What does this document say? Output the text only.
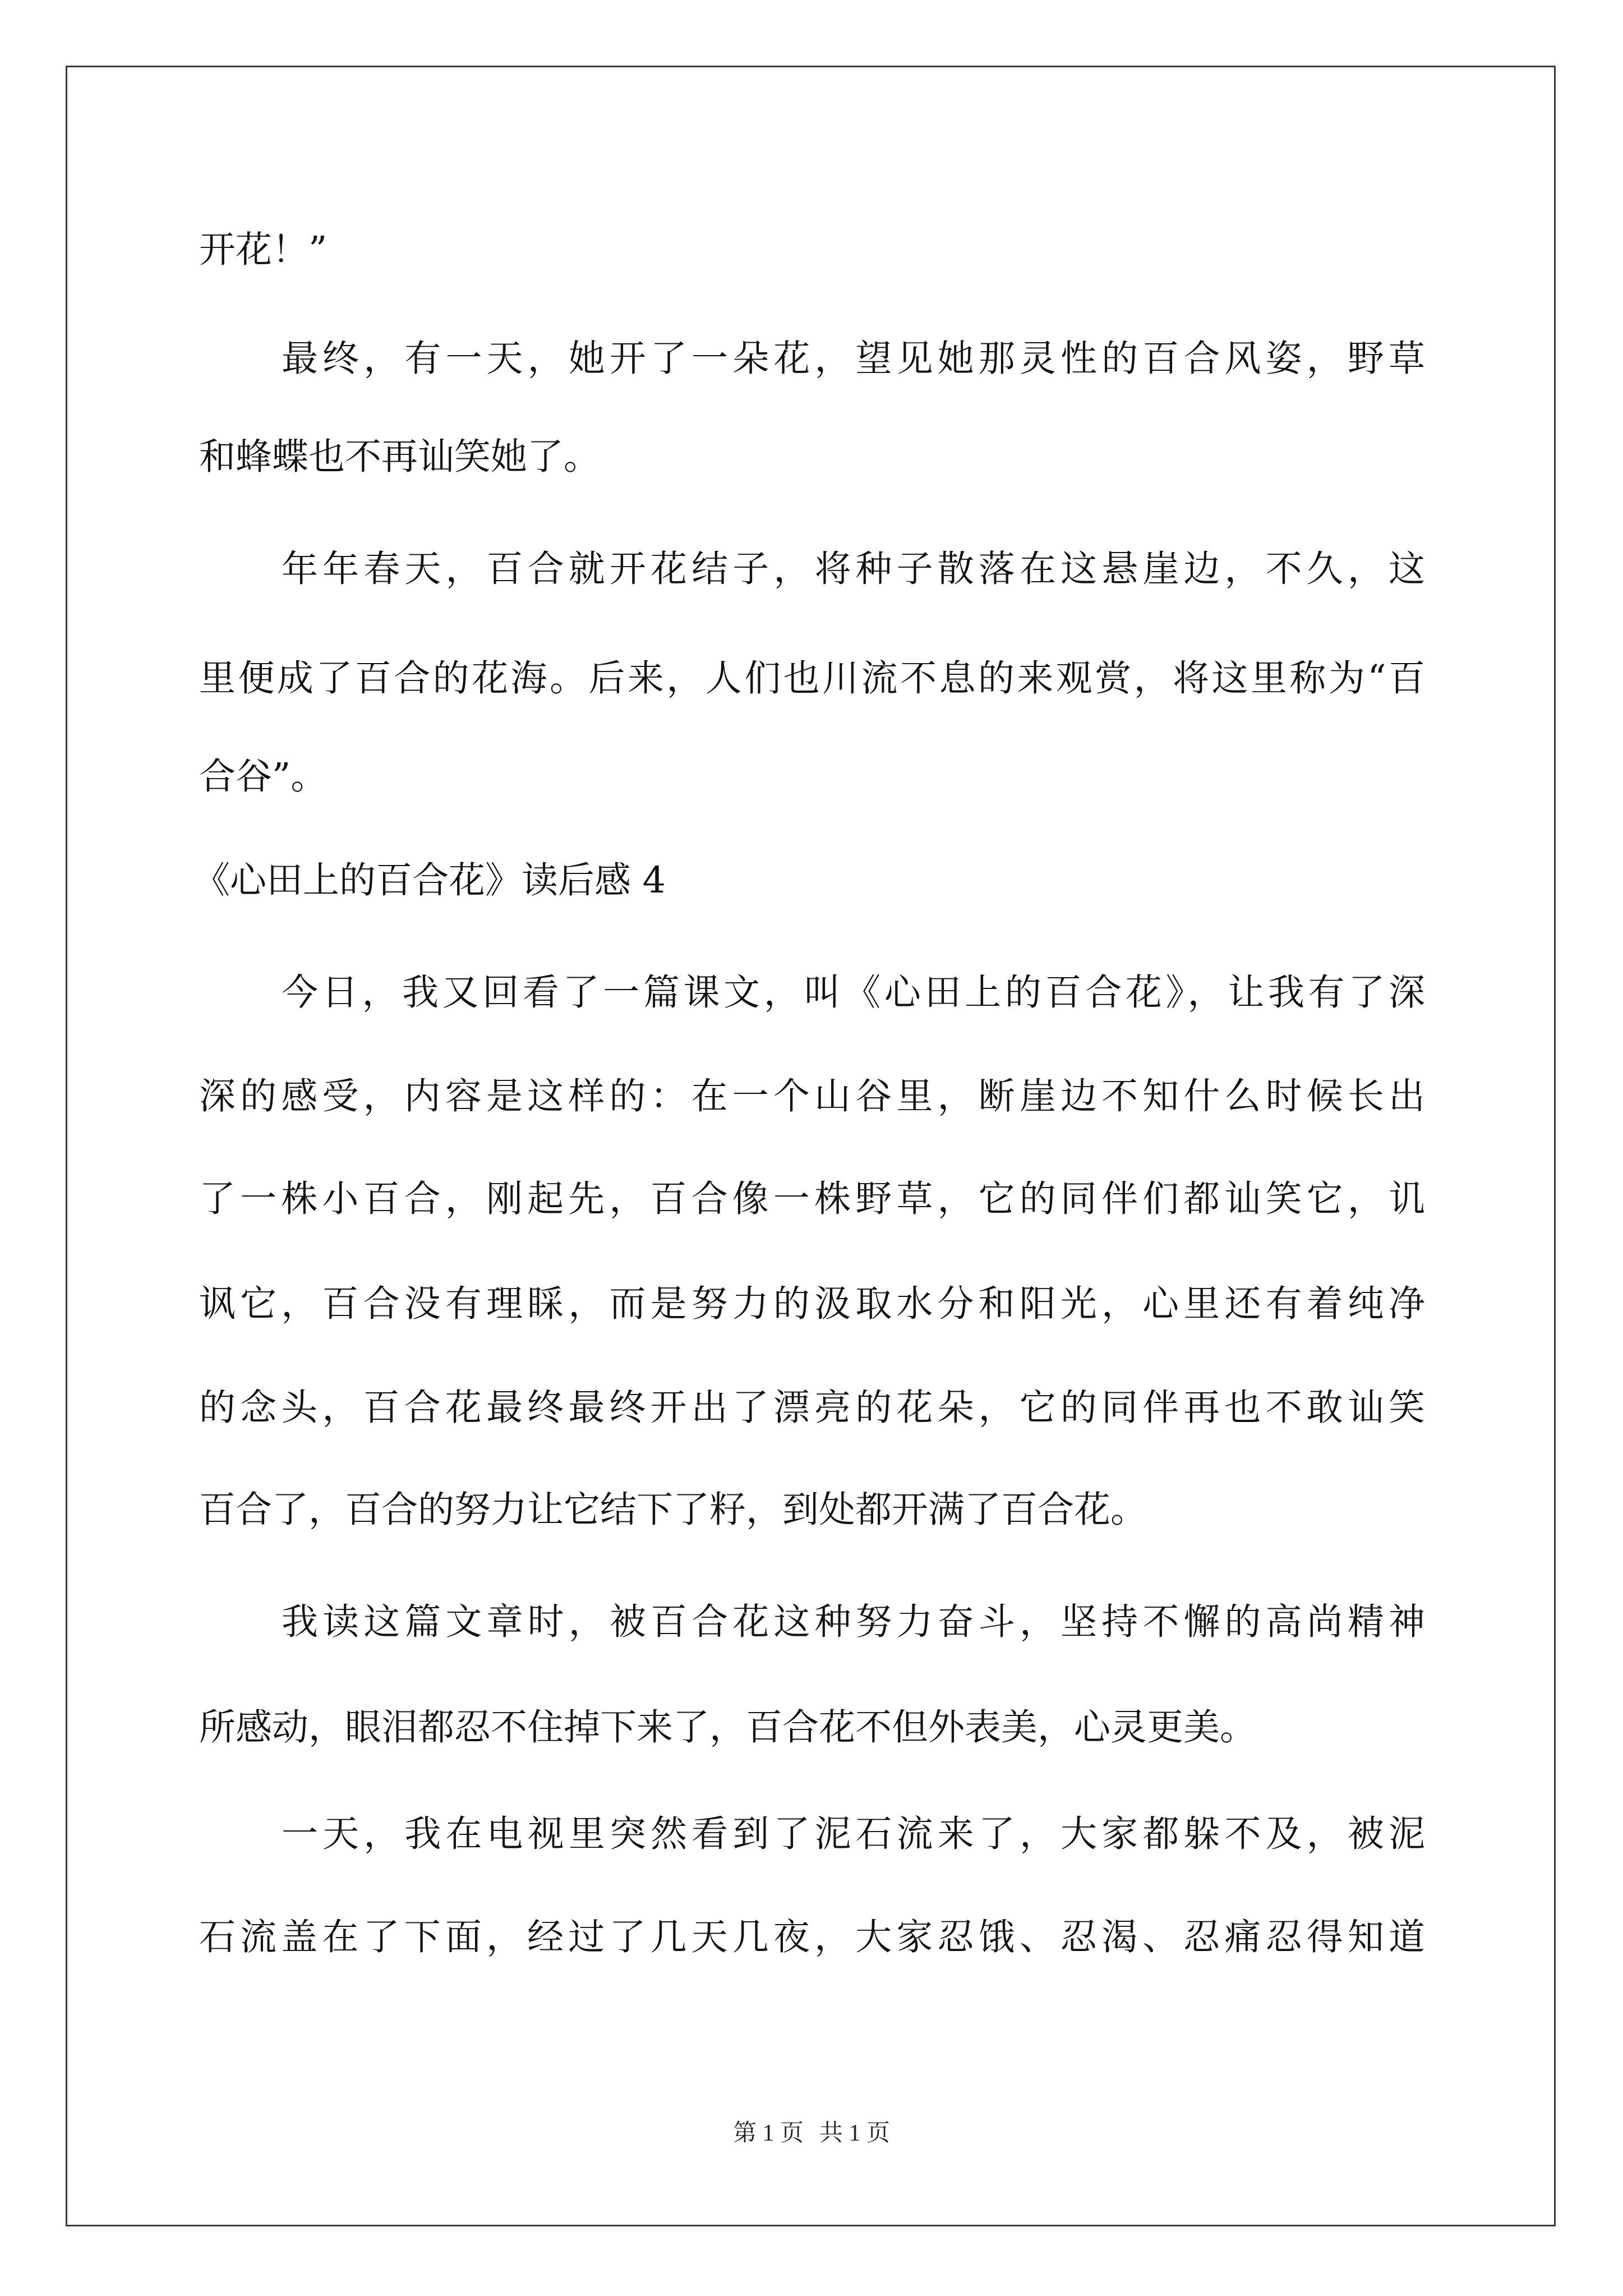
开花！”
最终，有一天，她开了一朵花，望见她那灵性的百合风姿，野草
和蜂蝶也不再讪笑她了。
年年春天，百合就开花结子，将种子散落在这悬崖边，不久，这
里便成了百合的花海。后来，人们也川流不息的来观赏，将这里称为“百
合谷”。
《心田上的百合花》读后感 4
今日，我又回看了一篇课文，叫《心田上的百合花》，让我有了深
深的感受，内容是这样的：在一个山谷里，断崖边不知什么时候长出
了一株小百合，刚起先，百合像一株野草，它的同伴们都讪笑它，讥
讽它，百合没有理睬，而是努力的汲取水分和阳光，心里还有着纯净
的念头，百合花最终最终开出了漂亮的花朵，它的同伴再也不敢讪笑
百合了，百合的努力让它结下了籽，到处都开满了百合花。
我读这篇文章时，被百合花这种努力奋斗，坚持不懈的高尚精神
所感动，眼泪都忍不住掉下来了，百合花不但外表美，心灵更美。
一天，我在电视里突然看到了泥石流来了，大家都躲不及，被泥
石流盖在了下面，经过了几天几夜，大家忍饿、忍渴、忍痛忍得知道
第 1 页 共 1 页
